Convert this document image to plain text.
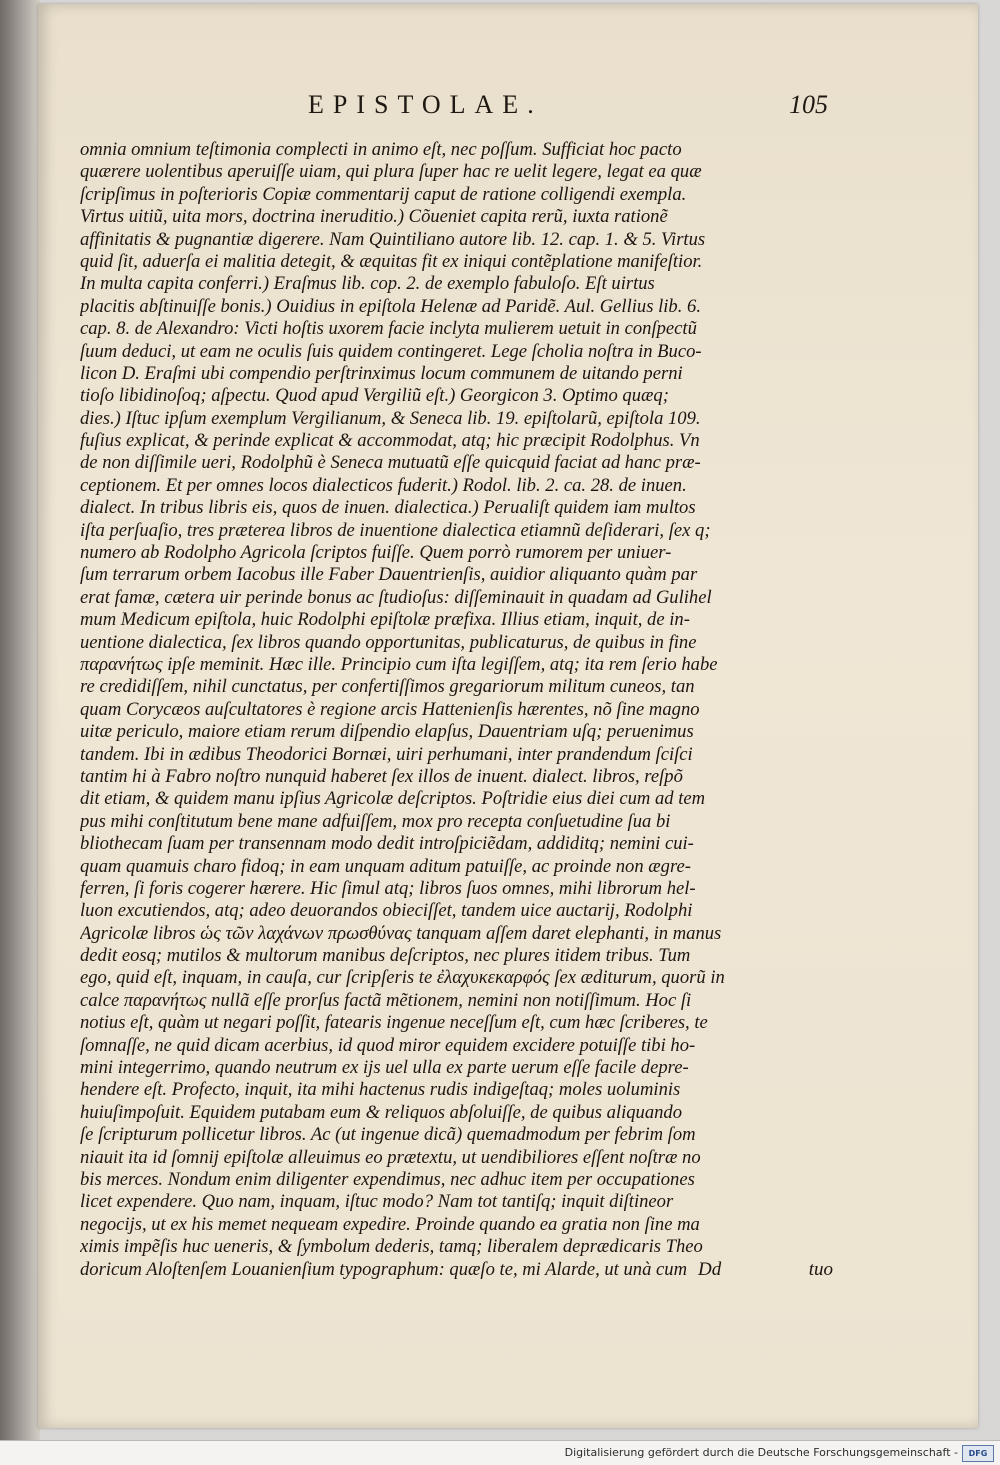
EPISTOLAE.	105
omnia omnium teſtimonia complecti in animo eſt, nec poſſum. Sufficiat hoc pacto
quærere uolentibus aperuiſſe uiam, qui plura ſuper hac re uelit legere, legat ea quæ
ſcripſimus in poſterioris Copiæ commentarij caput de ratione colligendi exempla.
Virtus uitiũ, uita mors, doctrina ineruditio.) Cõueniet capita rerũ, iuxta rationẽ
affinitatis & pugnantiæ digerere. Nam Quintiliano autore lib. 12. cap. 1. & 5. Virtus
quid ſit, aduerſa ei malitia detegit, & æquitas fit ex iniqui contẽplatione manifeſtior.
In multa capita conferri.) Eraſmus lib. cop. 2. de exemplo fabuloſo. Eſt uirtus
placitis abſtinuiſſe bonis.) Ouidius in epiſtola Helenæ ad Paridẽ. Aul. Gellius lib. 6.
cap. 8. de Alexandro: Victi hoſtis uxorem facie inclyta mulierem uetuit in conſpectũ
ſuum deduci, ut eam ne oculis ſuis quidem contingeret. Lege ſcholia noſtra in Buco-
licon D. Eraſmi ubi compendio perſtrinximus locum communem de uitando perni
tioſo libidinoſoq; aſpectu. Quod apud Vergiliũ eſt.) Georgicon 3. Optimo quæq;
dies.) Iſtuc ipſum exemplum Vergilianum, & Seneca lib. 19. epiſtolarũ, epiſtola 109.
fuſius explicat, & perinde explicat & accommodat, atq; hic præcipit Rodolphus. Vn
de non diſſimile ueri, Rodolphũ è Seneca mutuatũ eſſe quicquid faciat ad hanc præ-
ceptionem. Et per omnes locos dialecticos fuderit.) Rodol. lib. 2. ca. 28. de inuen.
dialect. In tribus libris eis, quos de inuen. dialectica.) Perualiſt quidem iam multos
iſta perſuaſio, tres præterea libros de inuentione dialectica etiamnũ deſiderari, ſex q;
numero ab Rodolpho Agricola ſcriptos fuiſſe. Quem porrò rumorem per uniuer-
ſum terrarum orbem Iacobus ille Faber Dauentrienſis, auidior aliquanto quàm par
erat famæ, cætera uir perinde bonus ac ſtudioſus: diſſeminauit in quadam ad Gulihel
mum Medicum epiſtola, huic Rodolphi epiſtolæ præfixa. Illius etiam, inquit, de in-
uentione dialectica, ſex libros quando opportunitas, publicaturus, de quibus in fine
παρανήτως ipſe meminit. Hæc ille. Principio cum iſta legiſſem, atq; ita rem ſerio habe
re credidiſſem, nihil cunctatus, per confertiſſimos gregariorum militum cuneos, tan
quam Corycæos auſcultatores è regione arcis Hattenienſis hærentes, nõ ſine magno
uitæ periculo, maiore etiam rerum diſpendio elapſus, Dauentriam uſq; peruenimus
tandem. Ibi in ædibus Theodorici Bornæi, uiri perhumani, inter prandendum ſciſci
tantim hi à Fabro noſtro nunquid haberet ſex illos de inuent. dialect. libros, reſpõ
dit etiam, & quidem manu ipſius Agricolæ deſcriptos. Poſtridie eius diei cum ad tem
pus mihi conſtitutum bene mane adfuiſſem, mox pro recepta conſuetudine ſua bi
bliothecam ſuam per transennam modo dedit introſpiciẽdam, addiditq; nemini cui-
quam quamuis charo fidoq; in eam unquam aditum patuiſſe, ac proinde non ægre-
ferren, ſi foris cogerer hærere. Hic ſimul atq; libros ſuos omnes, mihi librorum hel-
luon excutiendos, atq; adeo deuorandos obieciſſet, tandem uice auctarij, Rodolphi
Agricolæ libros ὡς τῶν λαχάνων πρωσθύνας tanquam aſſem daret elephanti, in manus
dedit eosq; mutilos & multorum manibus deſcriptos, nec plures itidem tribus. Tum
ego, quid eſt, inquam, in cauſa, cur ſcripſeris te ἐλαχυκεκαρφός ſex æditurum, quorũ in
calce παρανήτως nullã eſſe prorſus factã mẽtionem, nemini non notiſſimum. Hoc ſi
notius eſt, quàm ut negari poſſit, fatearis ingenue neceſſum eſt, cum hæc ſcriberes, te
ſomnaſſe, ne quid dicam acerbius, id quod miror equidem excidere potuiſſe tibi ho-
mini integerrimo, quando neutrum ex ijs uel ulla ex parte uerum eſſe facile depre-
hendere eſt. Profecto, inquit, ita mihi hactenus rudis indigeſtaq; moles uoluminis
huiuſimpoſuit. Equidem putabam eum & reliquos abſoluiſſe, de quibus aliquando
ſe ſcripturum pollicetur libros. Ac (ut ingenue dicã) quemadmodum per febrim ſom
niauit ita id ſomnij epiſtolæ alleuimus eo prætextu, ut uendibiliores eſſent noſtræ no
bis merces. Nondum enim diligenter expendimus, nec adhuc item per occupationes
licet expendere. Quo nam, inquam, iſtuc modo? Nam tot tantiſq; inquit diſtineor
negocijs, ut ex his memet nequeam expedire. Proinde quando ea gratia non ſine ma
ximis impẽſis huc ueneris, & ſymbolum dederis, tamq; liberalem deprædicaris Theo
doricum Aloſtenſem Louanienſium typographum: quæſo te, mi Alarde, ut unà cum Dd	tuo
Digitalisierung gefördert durch die Deutsche Forschungsgemeinschaft -	DFG
